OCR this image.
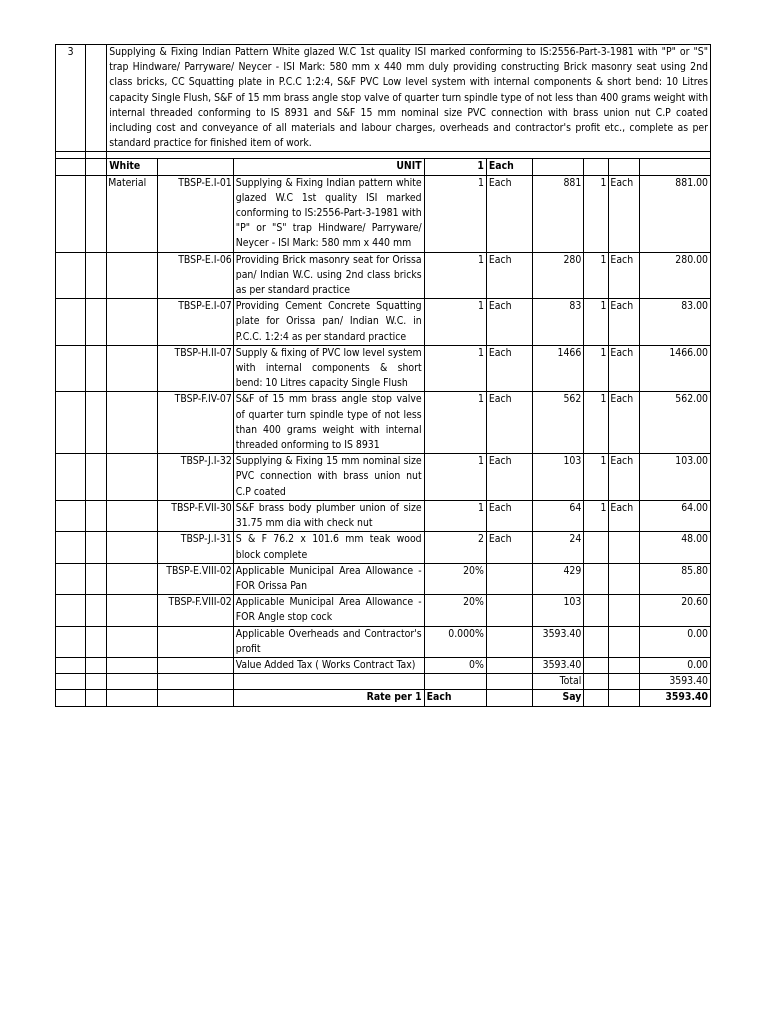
3		Supplying & Fixing Indian Pattern White glazed W.C 1st quality ISI marked conforming to IS:2556-Part-3-1981 with "P" or "S" trap Hindware/ Parryware/ Neycer - ISI Mark: 580 mm x 440 mm duly providing constructing Brick masonry seat using 2nd class bricks, CC Squatting plate in P.C.C 1:2:4, S&F PVC Low level system with internal components & short bend: 10 Litres capacity Single Flush, S&F of 15 mm brass angle stop valve of quarter turn spindle type of not less than 400 grams weight with internal threaded conforming to IS 8931 and S&F 15 mm nominal size PVC connection with brass union nut C.P coated including cost and conveyance of all materials and labour charges, overheads and contractor's profit etc., complete as per standard practice for finished item of work.								

		White		UNIT	1	Each				
		Material	TBSP-E.I-01	Supplying & Fixing Indian pattern white glazed W.C 1st quality ISI marked conforming to IS:2556-Part-3-1981 with "P" or "S" trap Hindware/ Parryware/ Neycer - ISI Mark: 580 mm x 440 mm	1	Each	881	1	Each	881.00
			TBSP-E.I-06	Providing Brick masonry seat for Orissa pan/ Indian W.C. using 2nd class bricks as per standard practice	1	Each	280	1	Each	280.00
			TBSP-E.I-07	Providing Cement Concrete Squatting plate for Orissa pan/ Indian W.C. in P.C.C. 1:2:4 as per standard practice	1	Each	83	1	Each	83.00
			TBSP-H.II-07	Supply & fixing of PVC low level system with internal components & short bend: 10 Litres capacity Single Flush	1	Each	1466	1	Each	1466.00
			TBSP-F.IV-07	S&F of 15 mm brass angle stop valve of quarter turn spindle type of not less than 400 grams weight with internal threaded onforming to IS 8931	1	Each	562	1	Each	562.00
			TBSP-J.I-32	Supplying & Fixing 15 mm nominal size PVC connection with brass union nut C.P coated	1	Each	103	1	Each	103.00
			TBSP-F.VII-30	S&F brass body plumber union of size 31.75 mm dia with check nut	1	Each	64	1	Each	64.00
			TBSP-J.I-31	S & F 76.2 x 101.6 mm teak wood block complete	2	Each	24			48.00
			TBSP-E.VIII-02	Applicable Municipal Area Allowance - FOR Orissa Pan	20%		429			85.80
			TBSP-F.VIII-02	Applicable Municipal Area Allowance - FOR Angle stop cock	20%		103			20.60
				Applicable Overheads and Contractor's profit	0.000%		3593.40			0.00
				Value Added Tax ( Works Contract Tax)	0%		3593.40			0.00
							Total			3593.40
				Rate per 1	Each		Say			3593.40
